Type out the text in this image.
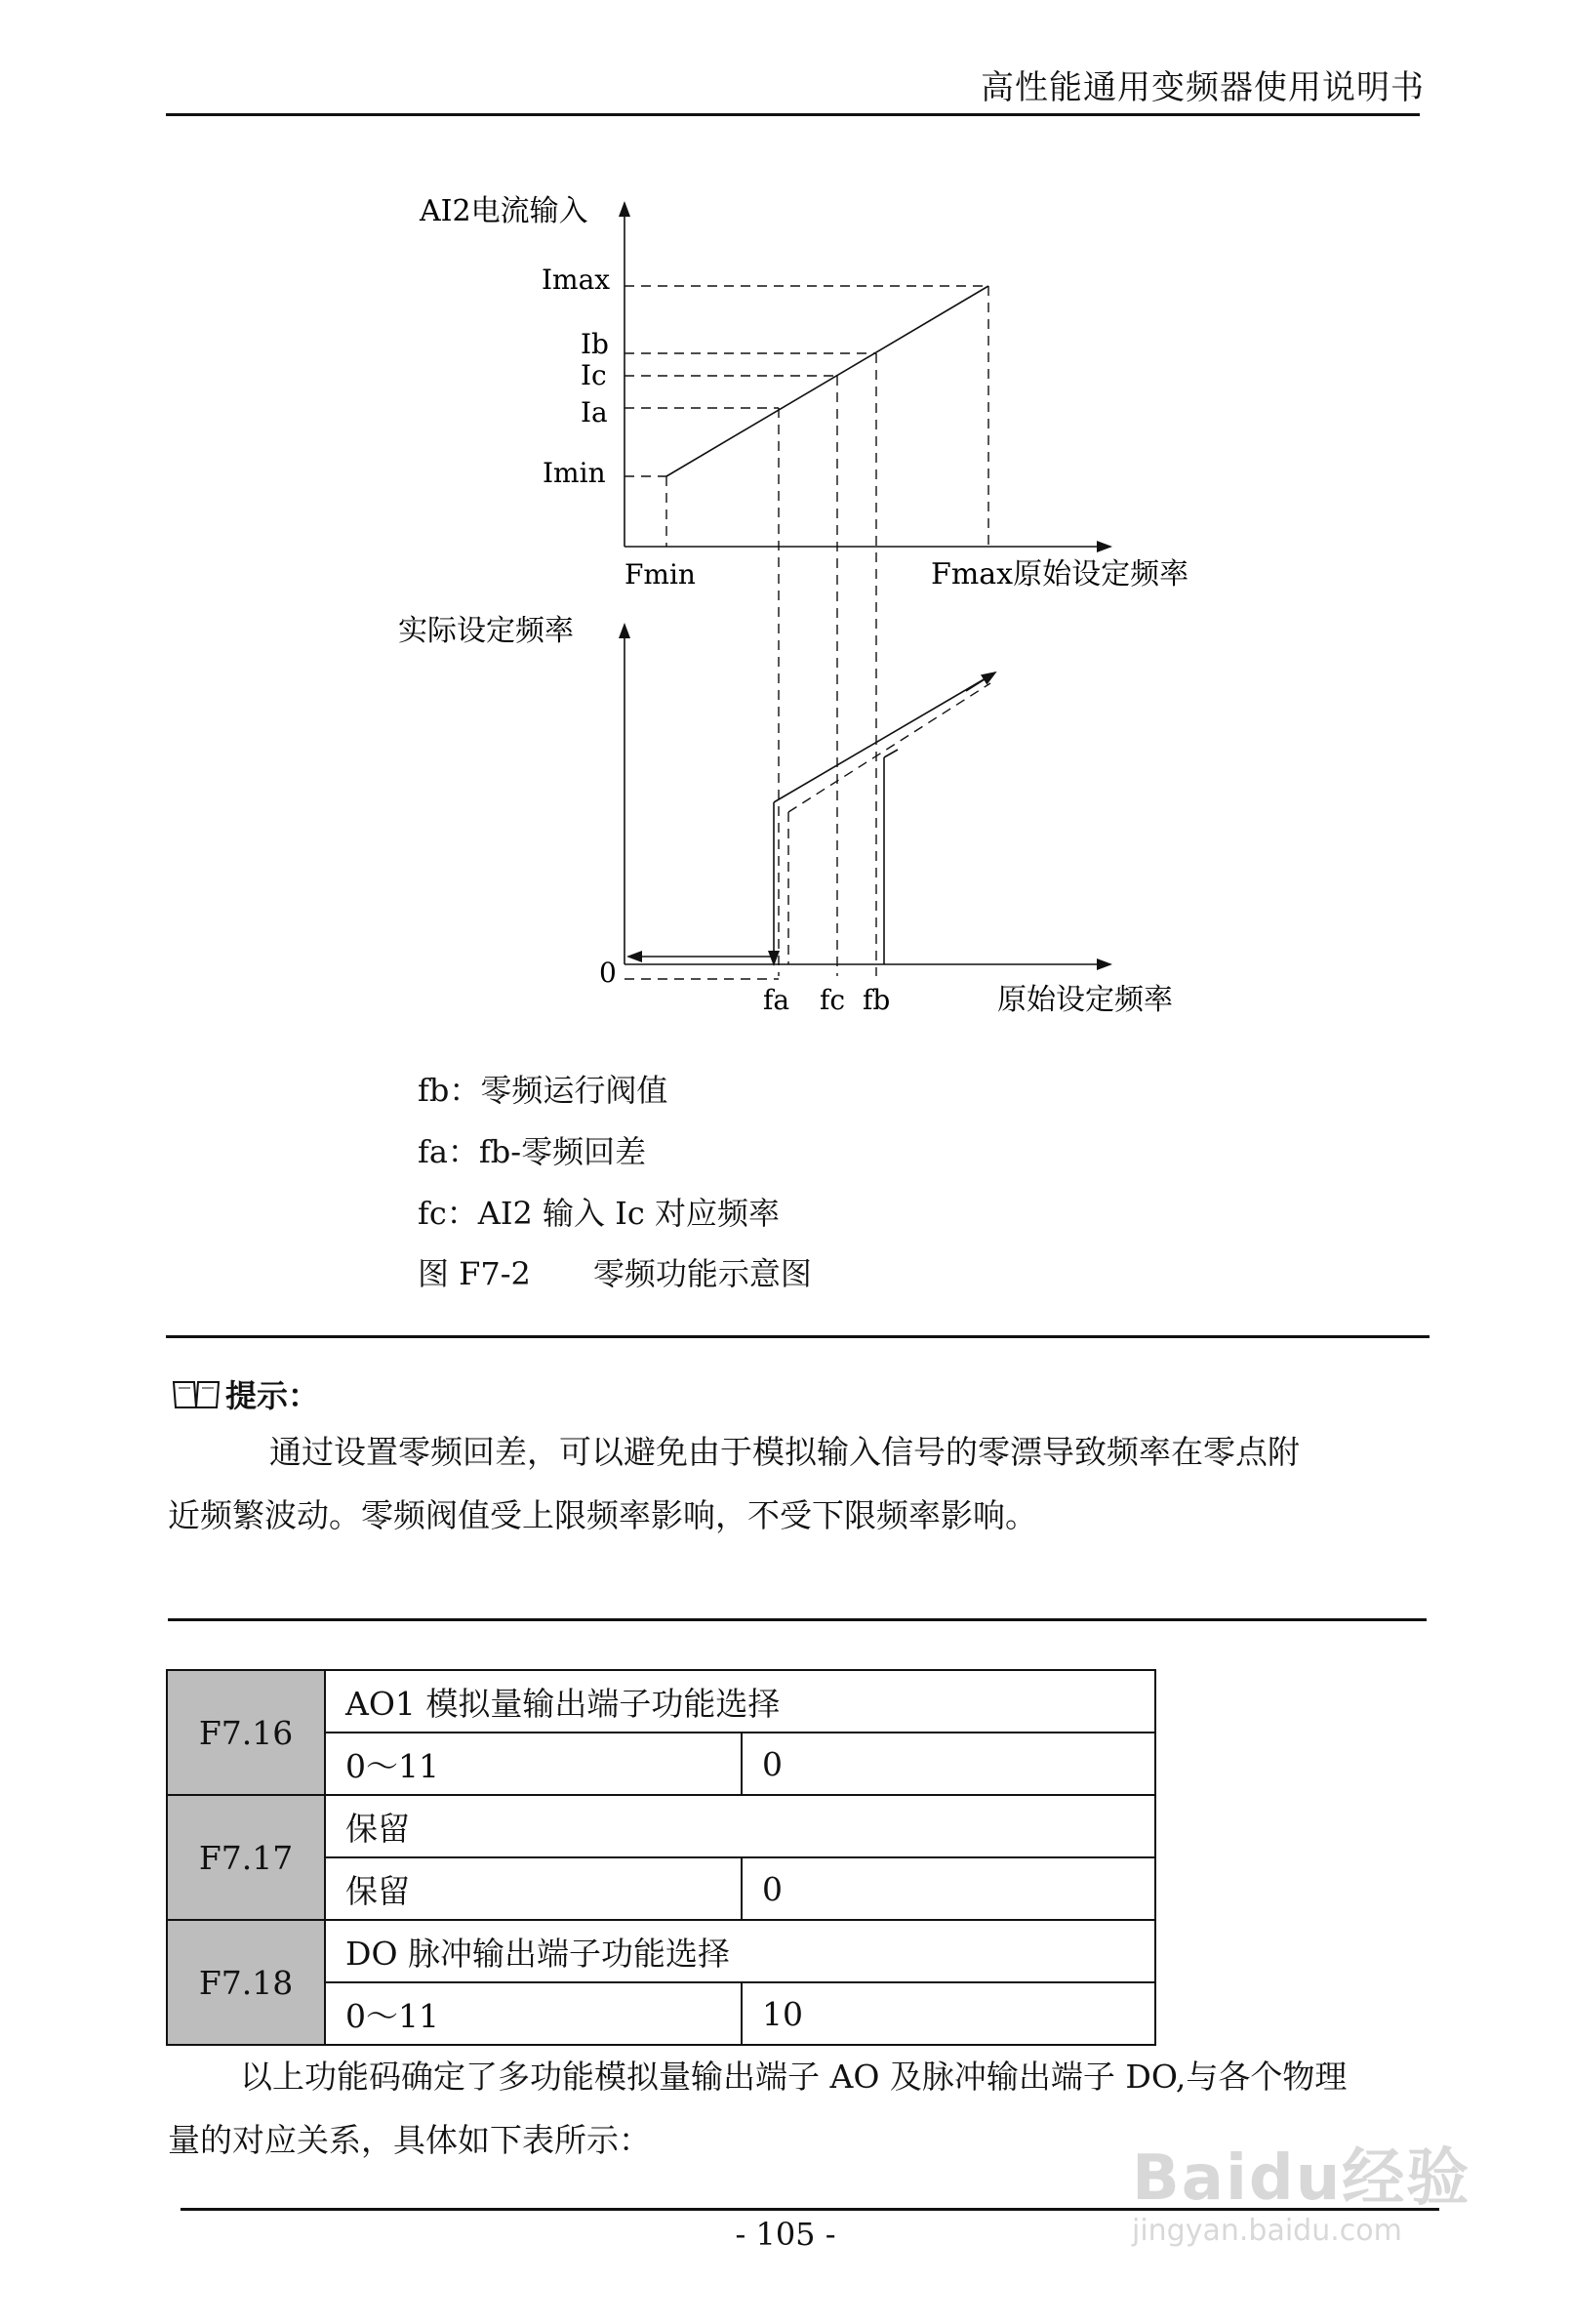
高性能通用变频器使用说明书
AI2电流输入
Imax
Ib
Ic
Ia
Imin
Fmin	Fmax原始设定频率
实际设定频率
0
fa fc fb	原始设定频率
fb：零频运行阀值
fa：fb-零频回差
fc：AI2 输入 Ic 对应频率
图 F7-2　　零频功能示意图
提示：
通过设置零频回差，可以避免由于模拟输入信号的零漂导致频率在零点附
近频繁波动。零频阀值受上限频率影响，不受下限频率影响。
F7.16	AO1 模拟量输出端子功能选择	
	0～11	0
F7.17	保留	
	保留	0
F7.18	DO 脉冲输出端子功能选择	
	0～11	10
以上功能码确定了多功能模拟量输出端子 AO 及脉冲输出端子 DO,与各个物理
量的对应关系，具体如下表所示：
- 105 -
Baidu经验
jingyan.baidu.com
